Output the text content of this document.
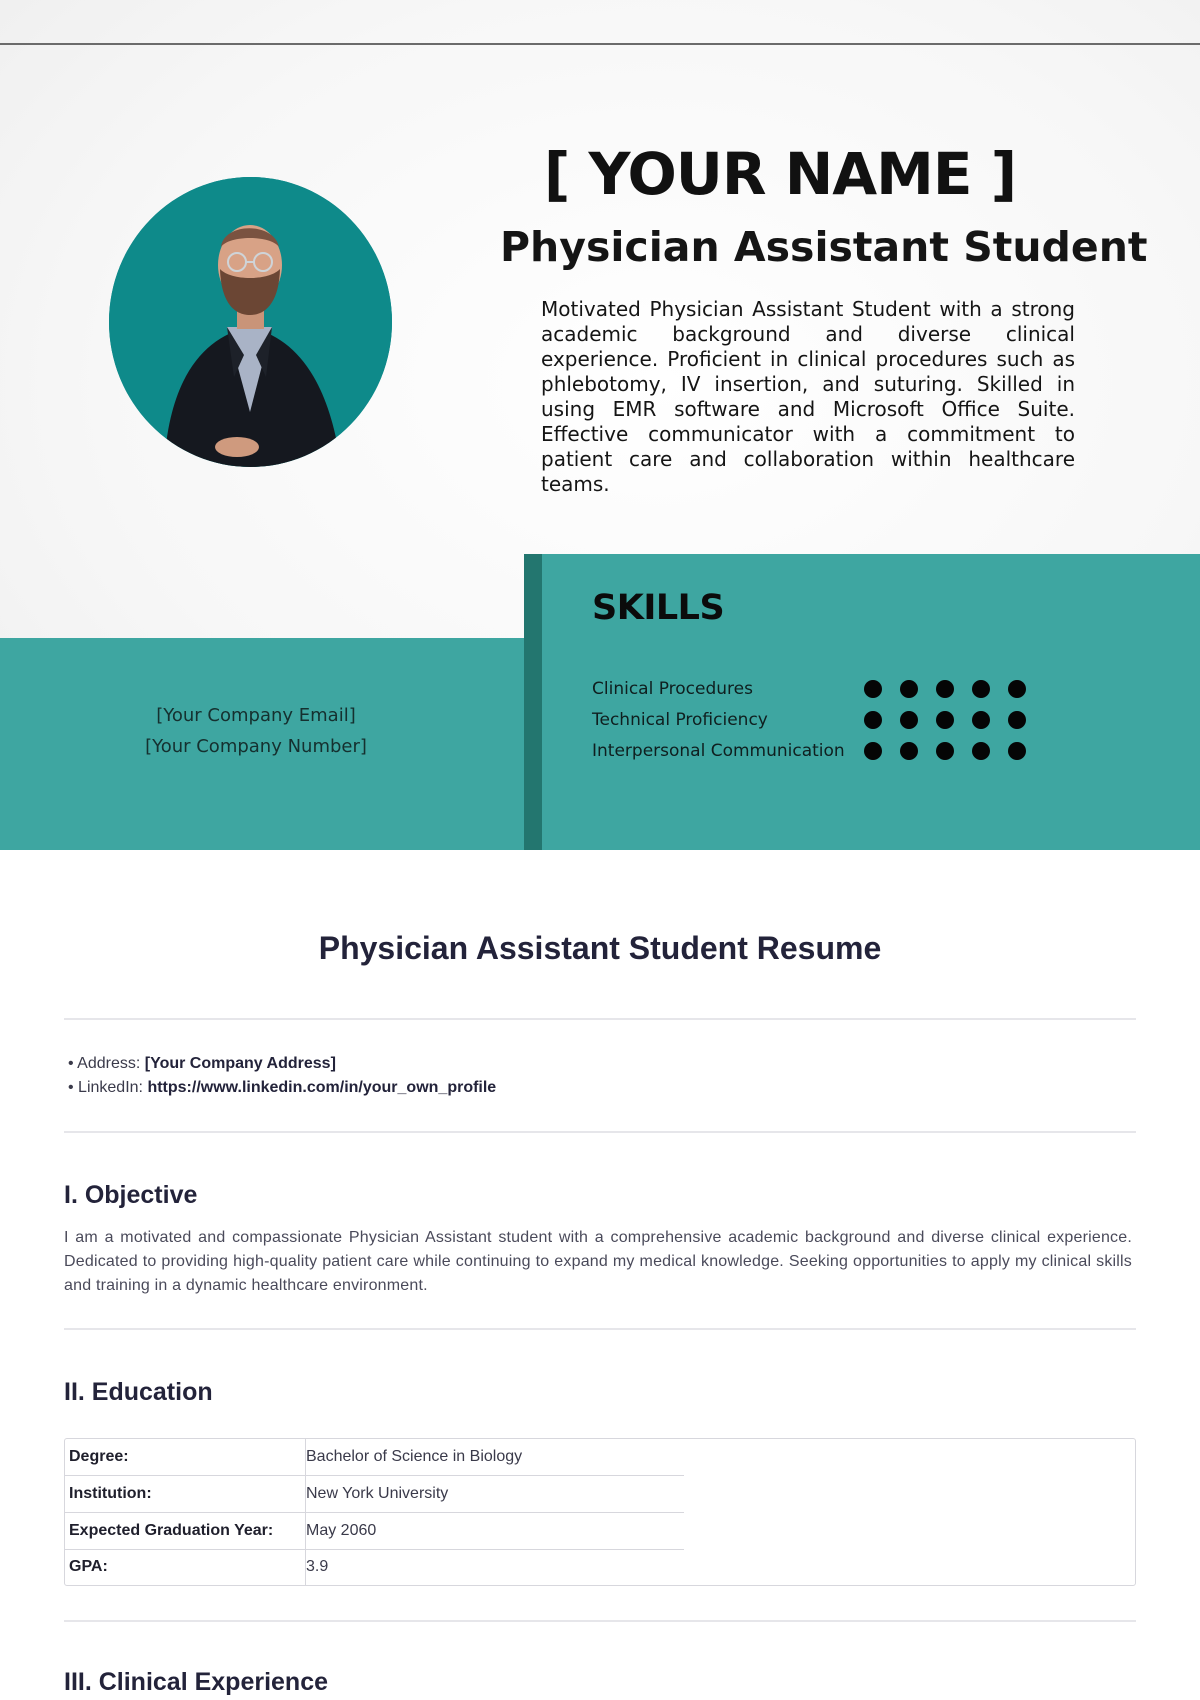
[ YOUR NAME ]
Physician Assistant Student

Motivated Physician Assistant Student with a strong academic background and diverse clinical experience. Proficient in clinical procedures such as phlebotomy, IV insertion, and suturing. Skilled in using EMR software and Microsoft Office Suite. Effective communicator with a commitment to patient care and collaboration within healthcare teams.

[Your Company Email]
[Your Company Number]
SKILLS
Clinical Procedures
Technical Proficiency
Interpersonal Communication
Physician Assistant Student Resume
• Address: [Your Company Address]
• LinkedIn: https://www.linkedin.com/in/your_own_profile
I. Objective

I am a motivated and compassionate Physician Assistant student with a comprehensive academic background and diverse clinical experience. Dedicated to providing high-quality patient care while continuing to expand my medical knowledge. Seeking opportunities to apply my clinical skills and training in a dynamic healthcare environment.

II. Education
Degree:	Bachelor of Science in Biology
Institution:	New York University
Expected Graduation Year: May 2060
GPA:	3.9
III. Clinical Experience
